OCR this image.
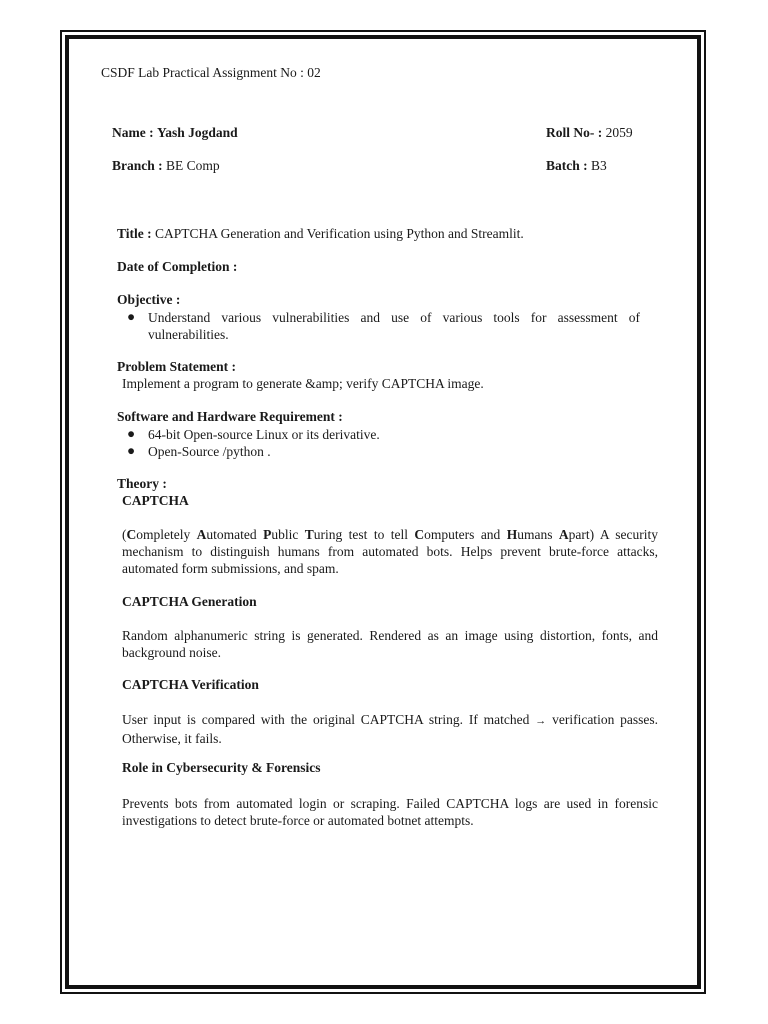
CSDF Lab Practical Assignment No : 02
Name : Yash Jogdand	Roll No- : 2059
Branch : BE Comp	Batch : B3
Title : CAPTCHA Generation and Verification using Python and Streamlit.
Date of Completion :
Objective :
● Understand various vulnerabilities and use of various tools for assessment of
vulnerabilities.
Problem Statement :
Implement a program to generate &amp; verify CAPTCHA image.
Software and Hardware Requirement :
● 64-bit Open-source Linux or its derivative.
● Open-Source /python .
Theory :
CAPTCHA
(Completely Automated Public Turing test to tell Computers and Humans Apart) A security mechanism to distinguish humans from automated bots. Helps prevent brute-force attacks, automated form submissions, and spam.
CAPTCHA Generation
Random alphanumeric string is generated. Rendered as an image using distortion, fonts, and background noise.
CAPTCHA Verification
User input is compared with the original CAPTCHA string. If matched → verification passes. Otherwise, it fails.
Role in Cybersecurity & Forensics
Prevents bots from automated login or scraping. Failed CAPTCHA logs are used in forensic investigations to detect brute-force or automated botnet attempts.
